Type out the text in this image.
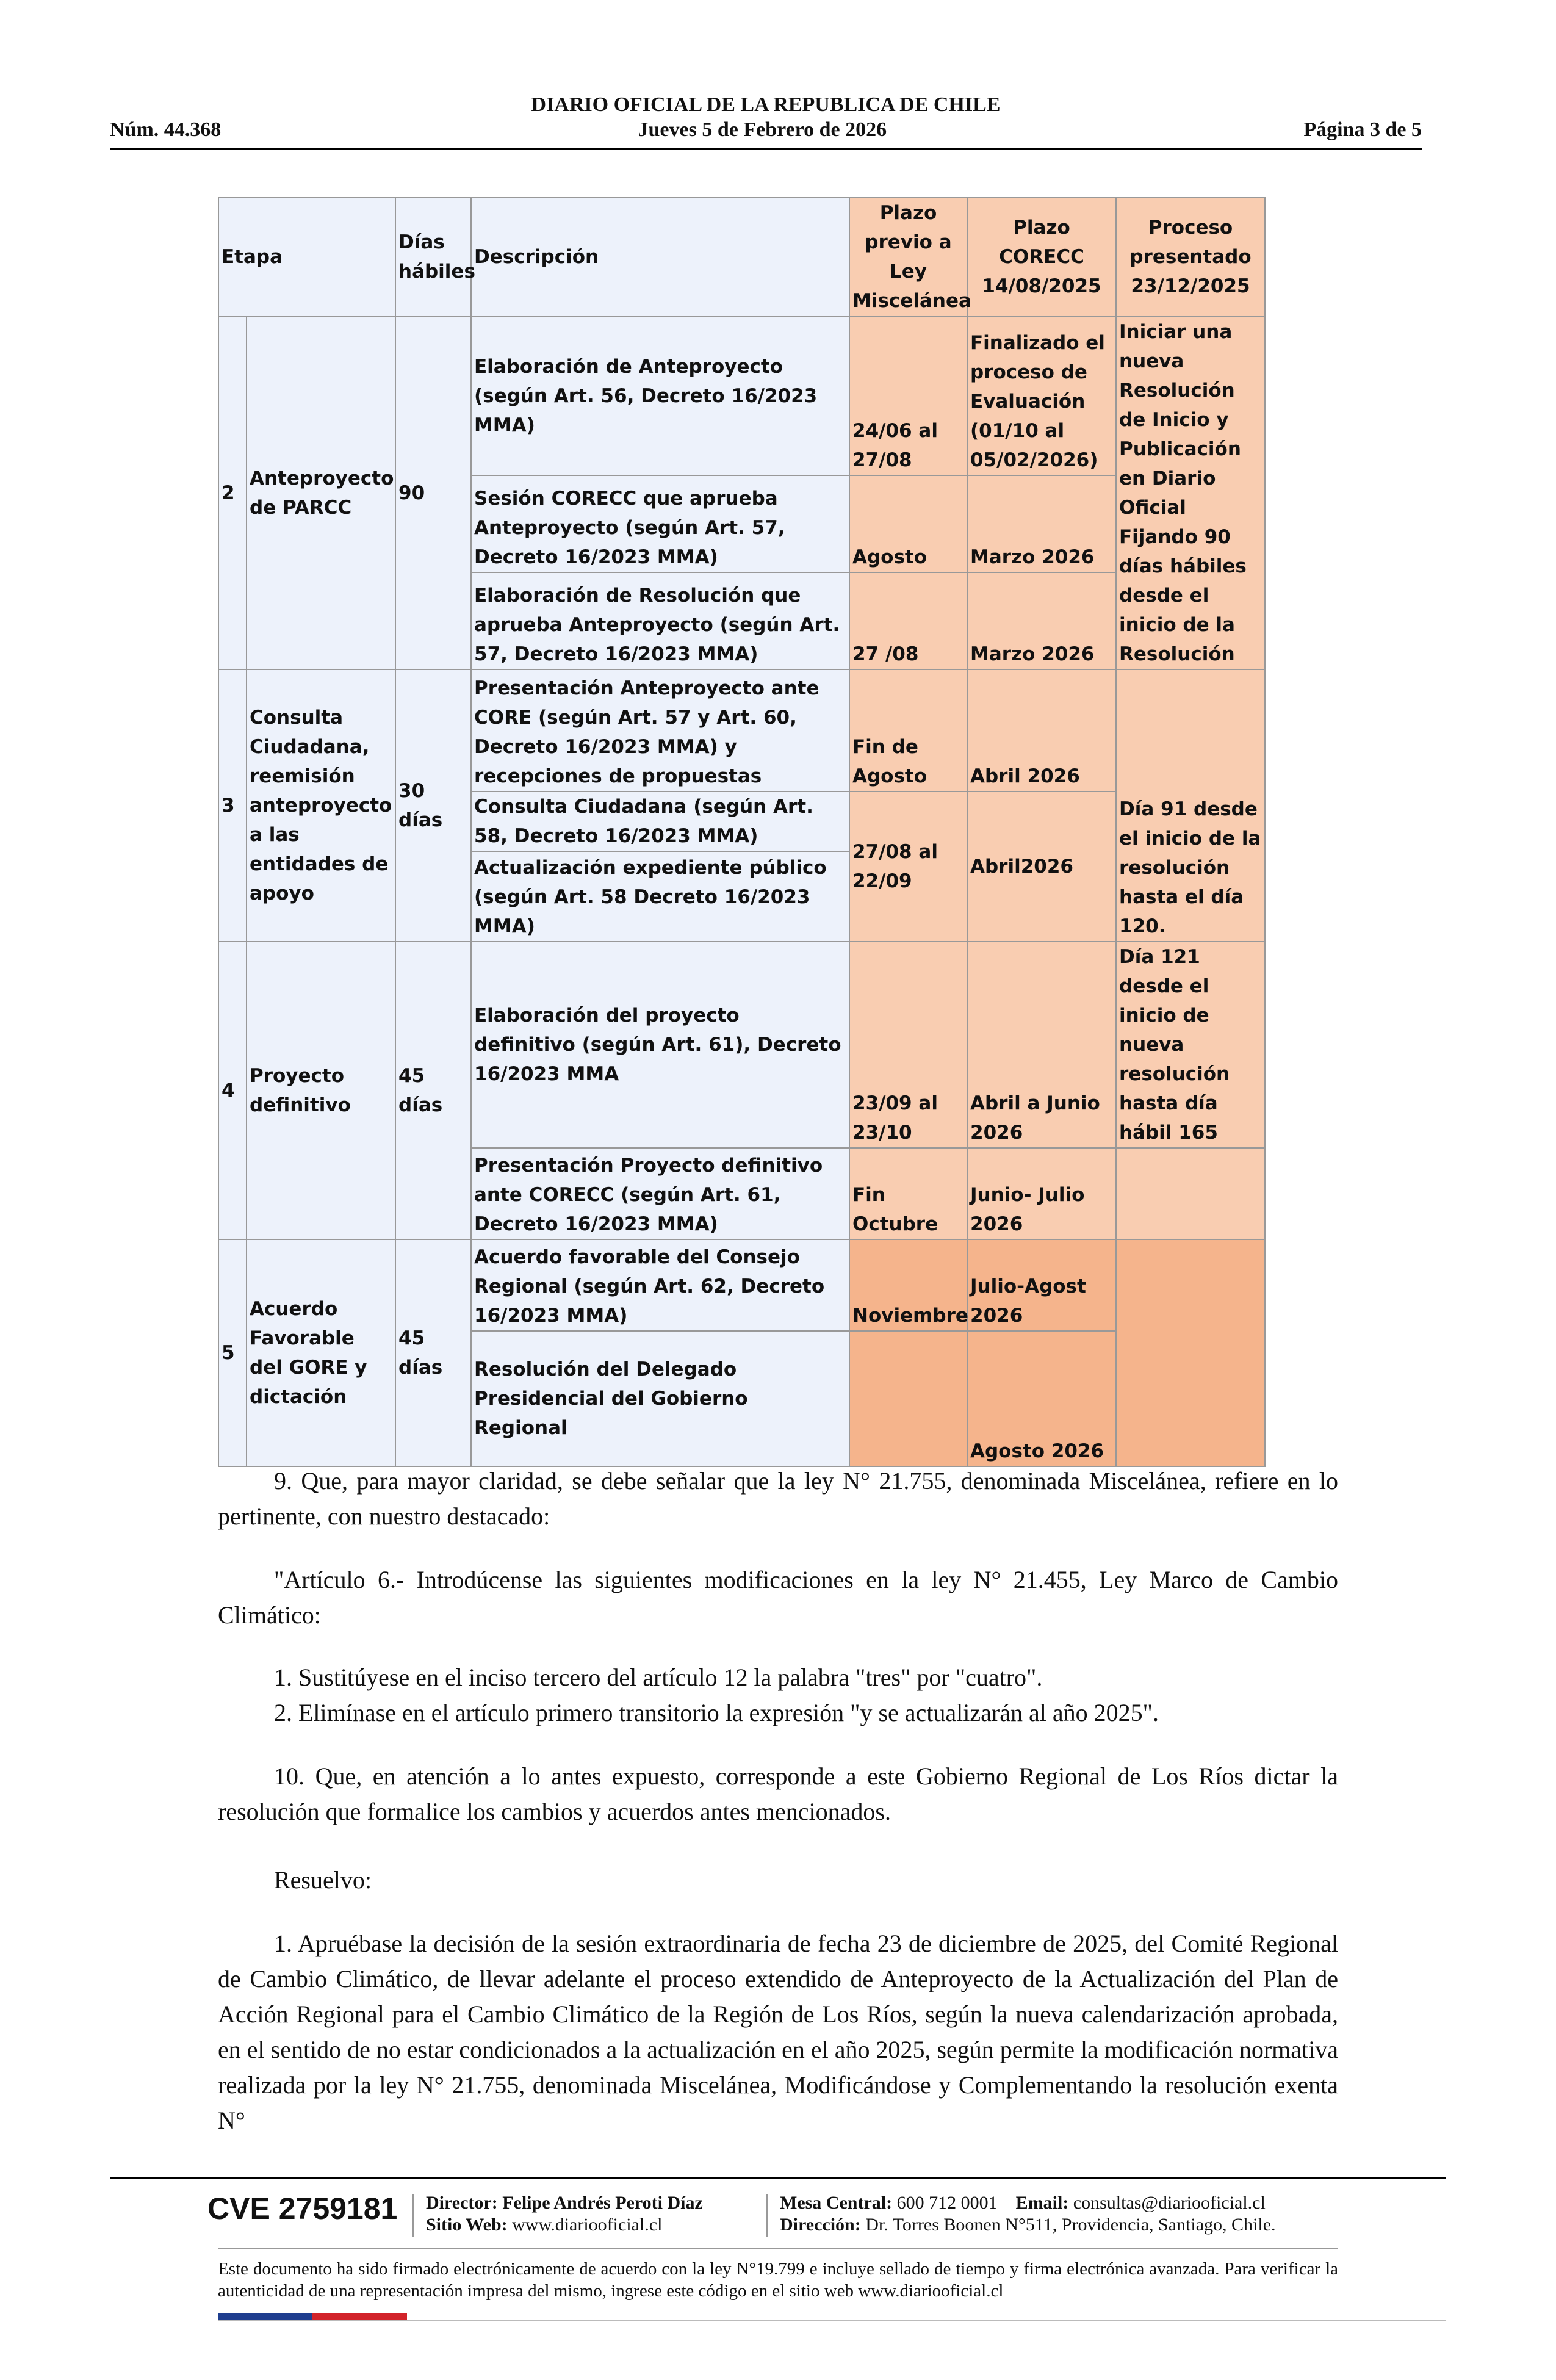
DIARIO OFICIAL DE LA REPUBLICA DE CHILE
Núm. 44.368	Jueves 5 de Febrero de 2026	Página 3 de 5
Etapa		Días hábiles	Descripción	Plazo previo a Ley Miscelánea	Plazo CORECC 14/08/2025	Proceso presentado 23/12/2025
2	Anteproyecto de PARCC	90	Elaboración de Anteproyecto (según Art. 56, Decreto 16/2023 MMA)	24/06 al 27/08	Finalizado el proceso de Evaluación (01/10 al 05/02/2026)	Iniciar una nueva Resolución de Inicio y Publicación en Diario Oficial Fijando 90 días hábiles desde el inicio de la Resolución
			Sesión CORECC que aprueba Anteproyecto (según Art. 57, Decreto 16/2023 MMA)	Agosto	Marzo 2026	
			Elaboración de Resolución que aprueba Anteproyecto (según Art. 57, Decreto 16/2023 MMA)	27 /08	Marzo 2026	
3	Consulta Ciudadana, reemisión anteproyecto a las entidades de apoyo	30 días	Presentación Anteproyecto ante CORE (según Art. 57 y Art. 60, Decreto 16/2023 MMA) y recepciones de propuestas	Fin de Agosto	Abril 2026	Día 91 desde el inicio de la resolución hasta el día 120.
			Consulta Ciudadana (según Art. 58, Decreto 16/2023 MMA)	27/08 al 22/09	Abril2026	
			Actualización expediente público (según Art. 58 Decreto 16/2023 MMA)			
4	Proyecto definitivo	45 días	Elaboración del proyecto definitivo (según Art. 61), Decreto 16/2023 MMA	23/09 al 23/10	Abril a Junio 2026	Día 121 desde el inicio de nueva resolución hasta día hábil 165
			Presentación Proyecto definitivo ante CORECC (según Art. 61, Decreto 16/2023 MMA)	Fin Octubre	Junio- Julio 2026	
5	Acuerdo Favorable del GORE y dictación	45 días	Acuerdo favorable del Consejo Regional (según Art. 62, Decreto 16/2023 MMA)	Noviembre	Julio-Agost 2026	
			Resolución del Delegado Presidencial del Gobierno Regional		Agosto 2026	
9. Que, para mayor claridad, se debe señalar que la ley N° 21.755, denominada Miscelánea, refiere en lo pertinente, con nuestro destacado:
"Artículo 6.- Introdúcense las siguientes modificaciones en la ley N° 21.455, Ley Marco de Cambio Climático:
1. Sustitúyese en el inciso tercero del artículo 12 la palabra "tres" por "cuatro".
2. Elimínase en el artículo primero transitorio la expresión "y se actualizarán al año 2025".
10. Que, en atención a lo antes expuesto, corresponde a este Gobierno Regional de Los Ríos dictar la resolución que formalice los cambios y acuerdos antes mencionados.
Resuelvo:
1. Apruébase la decisión de la sesión extraordinaria de fecha 23 de diciembre de 2025, del Comité Regional de Cambio Climático, de llevar adelante el proceso extendido de Anteproyecto de la Actualización del Plan de Acción Regional para el Cambio Climático de la Región de Los Ríos, según la nueva calendarización aprobada, en el sentido de no estar condicionados a la actualización en el año 2025, según permite la modificación normativa realizada por la ley N° 21.755, denominada Miscelánea, Modificándose y Complementando la resolución exenta N°
CVE 2759181 Director: Felipe Andrés Peroti Díaz
Sitio Web: www.diariooficial.cl
Mesa Central: 600 712 0001 Email: consultas@diariooficial.cl
Dirección: Dr. Torres Boonen N°511, Providencia, Santiago, Chile.
Este documento ha sido firmado electrónicamente de acuerdo con la ley N°19.799 e incluye sellado de tiempo y firma electrónica avanzada. Para verificar la autenticidad de una representación impresa del mismo, ingrese este código en el sitio web www.diariooficial.cl
